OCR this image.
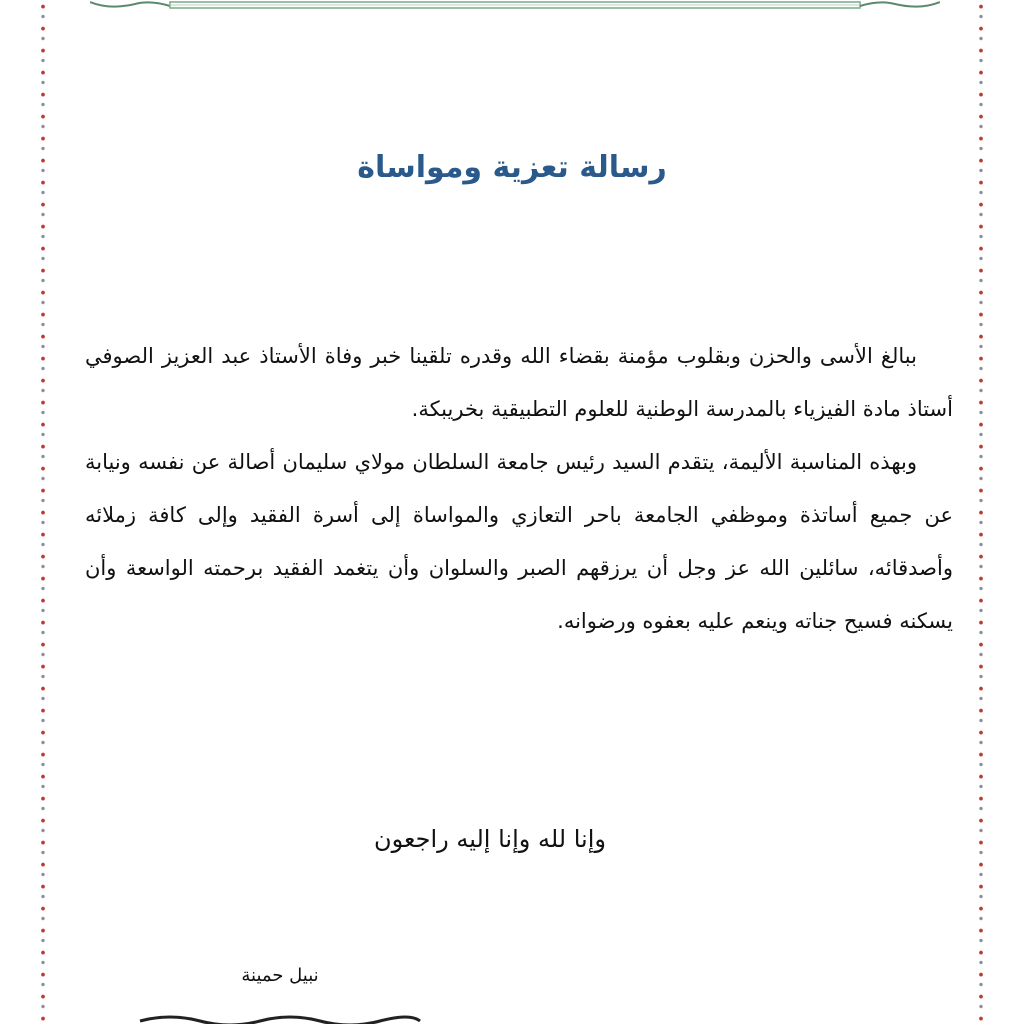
رسالة تعزية ومواساة

ببالغ الأسى والحزن وبقلوب مؤمنة بقضاء الله وقدره تلقينا خبر وفاة الأستاذ عبد العزيز الصوفي أستاذ مادة الفيزياء بالمدرسة الوطنية للعلوم التطبيقية بخريبكة.

وبهذه المناسبة الأليمة، يتقدم السيد رئيس جامعة السلطان مولاي سليمان أصالة عن نفسه ونيابة عن جميع أساتذة وموظفي الجامعة باحر التعازي والمواساة إلى أسرة الفقيد وإلى كافة زملائه وأصدقائه، سائلين الله عز وجل أن يرزقهم الصبر والسلوان وأن يتغمد الفقيد برحمته الواسعة وأن يسكنه فسيح جناته وينعم عليه بعفوه ورضوانه.

وإنا لله وإنا إليه راجعون
نبيل حمينة
